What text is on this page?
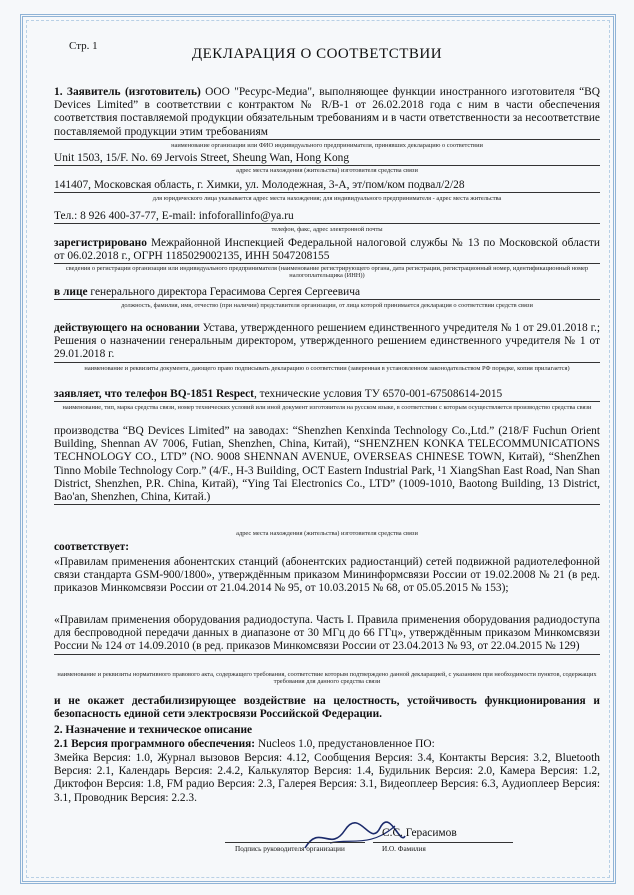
Стр. 1	ДЕКЛАРАЦИЯ О СООТВЕТСТВИИ
1. Заявитель (изготовитель) ООО "Ресурс-Медиа", выполняющее функции иностранного изготовителя “BQ Devices Limited” в соответствии с контрактом № R/B-1 от 26.02.2018 года с ним в части обеспечения соответствия поставляемой продукции обязательным требованиям и в части ответственности за несоответствие поставляемой продукции этим требованиям
наименование организации или ФИО индивидуального предпринимателя, принявших декларацию о соответствии
Unit 1503, 15/F. No. 69 Jervois Street, Sheung Wan, Hong Kong
адрес места нахождения (жительства) изготовителя средства связи
141407, Московская область, г. Химки, ул. Молодежная, 3-А, эт/пом/ком подвал/2/28
для юридического лица указывается адрес места нахождения; для индивидуального предпринимателя - адрес места жительства
Тел.: 8 926 400-37-77, E-mail: infoforallinfo@ya.ru
телефон, факс, адрес электронной почты
зарегистрировано Межрайонной Инспекцией Федеральной налоговой службы № 13 по Московской области от 06.02.2018 г., ОГРН 1185029002135, ИНН 5047208155
сведения о регистрации организации или индивидуального предпринимателя (наименование регистрирующего органа, дата регистрации, регистрационный номер, идентификационный номер налогоплательщика (ИНН))
в лице генерального директора Герасимова Сергея Сергеевича
должность, фамилия, имя, отчество (при наличии) представителя организации, от лица которой принимается декларация о соответствии средств связи
действующего на основании Устава, утвержденного решением единственного учредителя № 1 от 29.01.2018 г.; Решения о назначении генеральным директором, утвержденного решением единственного учредителя № 1 от 29.01.2018 г.
наименование и реквизиты документа, дающего право подписывать декларацию о соответствии (заверенная в установленном законодательством РФ порядке, копия прилагается)
заявляет, что телефон BQ-1851 Respect, технические условия ТУ 6570-001-67508614-2015
наименование, тип, марка средства связи, номер технических условий или иной документ изготовителя на русском языке, в соответствии с которым осуществляется производство средства связи
производства “BQ Devices Limited” на заводах: “Shenzhen Kenxinda Technology Co.,Ltd.” (218/F Fuchun Orient Building, Shennan AV 7006, Futian, Shenzhen, China, Китай), “SHENZHEN KONKA TELECOMMUNICATIONS TECHNOLOGY CO., LTD” (NO. 9008 SHENNAN AVENUE, OVERSEAS CHINESE TOWN, Китай), “ShenZhen Tinno Mobile Technology Corp.” (4/F., H-3 Building, OCT Eastern Industrial Park, ¹1 XiangShan East Road, Nan Shan District, Shenzhen, P.R. China, Китай), “Ying Tai Electronics Co., LTD” (1009-1010, Baotong Building, 13 District, Bao'an, Shenzhen, China, Китай.)
адрес места нахождения (жительства) изготовителя средства связи
соответствует:
«Правилам применения абонентских станций (абонентских радиостанций) сетей подвижной радиотелефонной связи стандарта GSM-900/1800», утверждённым приказом Мининформсвязи России от 19.02.2008 № 21 (в ред. приказов Минкомсвязи России от 21.04.2014 № 95, от 10.03.2015 № 68, от 05.05.2015 № 153);
«Правилам применения оборудования радиодоступа. Часть I. Правила применения оборудования радиодоступа для беспроводной передачи данных в диапазоне от 30 МГц до 66 ГГц», утверждённым приказом Минкомсвязи России № 124 от 14.09.2010 (в ред. приказов Минкомсвязи России от 23.04.2013 № 93, от 22.04.2015 № 129)
наименование и реквизиты нормативного правового акта, содержащего требования, соответствие которым подтверждено данной декларацией, с указанием при необходимости пунктов, содержащих требования для данного средства связи
и не окажет дестабилизирующее воздействие на целостность, устойчивость функционирования и безопасность единой сети электросвязи Российской Федерации.
2. Назначение и техническое описание
2.1 Версия программного обеспечения: Nucleos 1.0, предустановленное ПО:
Змейка Версия: 1.0, Журнал вызовов Версия: 4.12, Сообщения Версия: 3.4, Контакты Версия: 3.2, Bluetooth Версия: 2.1, Календарь Версия: 2.4.2, Калькулятор Версия: 1.4, Будильник Версия: 2.0, Камера Версия: 1.2, Диктофон Версия: 1.8, FM радио Версия: 2.3, Галерея Версия: 3.1, Видеоплеер Версия: 6.3, Аудиоплеер Версия: 3.1, Проводник Версия: 2.2.3.
С.С. Герасимов
Подпись руководителя организации	И.О. Фамилия
